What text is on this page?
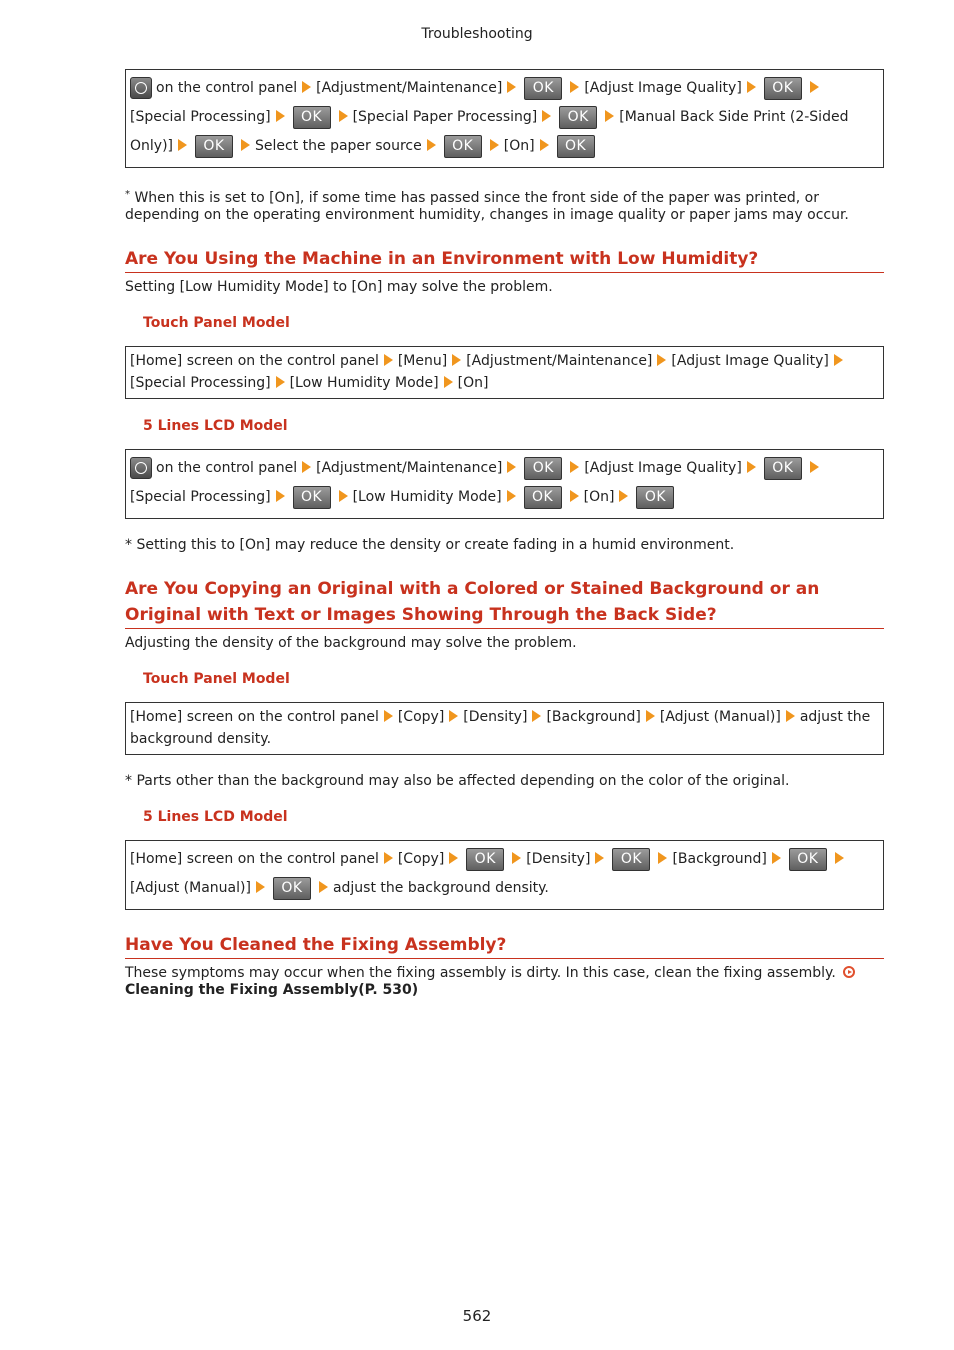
Troubleshooting
on the control panel [Adjustment/Maintenance] OK [Adjust Image Quality] OK[Special Processing] OK [Special Paper Processing] OK [Manual Back Side Print (2-Sided Only)] OK Select the paper source OK [On] OK
* When this is set to [On], if some time has passed since the front side of the paper was printed, or depending on the operating environment humidity, changes in image quality or paper jams may occur.
Are You Using the Machine in an Environment with Low Humidity?
Setting [Low Humidity Mode] to [On] may solve the problem.
Touch Panel Model
[Home] screen on the control panel [Menu] [Adjustment/Maintenance] [Adjust Image Quality]
[Special Processing] [Low Humidity Mode] [On]
5 Lines LCD Model
on the control panel [Adjustment/Maintenance] OK [Adjust Image Quality] OK[Special Processing] OK [Low Humidity Mode] OK [On] OK
* Setting this to [On] may reduce the density or create fading in a humid environment.
Are You Copying an Original with a Colored or Stained Background or an Original with Text or Images Showing Through the Back Side?
Adjusting the density of the background may solve the problem.
Touch Panel Model
[Home] screen on the control panel [Copy] [Density] [Background] [Adjust (Manual)] adjust the background density.
* Parts other than the background may also be affected depending on the color of the original.
5 Lines LCD Model
[Home] screen on the control panel [Copy] OK [Density] OK [Background] OK
[Adjust (Manual)] OK adjust the background density.
Have You Cleaned the Fixing Assembly?
These symptoms may occur when the fixing assembly is dirty. In this case, clean the fixing assembly.
Cleaning the Fixing Assembly(P. 530)
562
